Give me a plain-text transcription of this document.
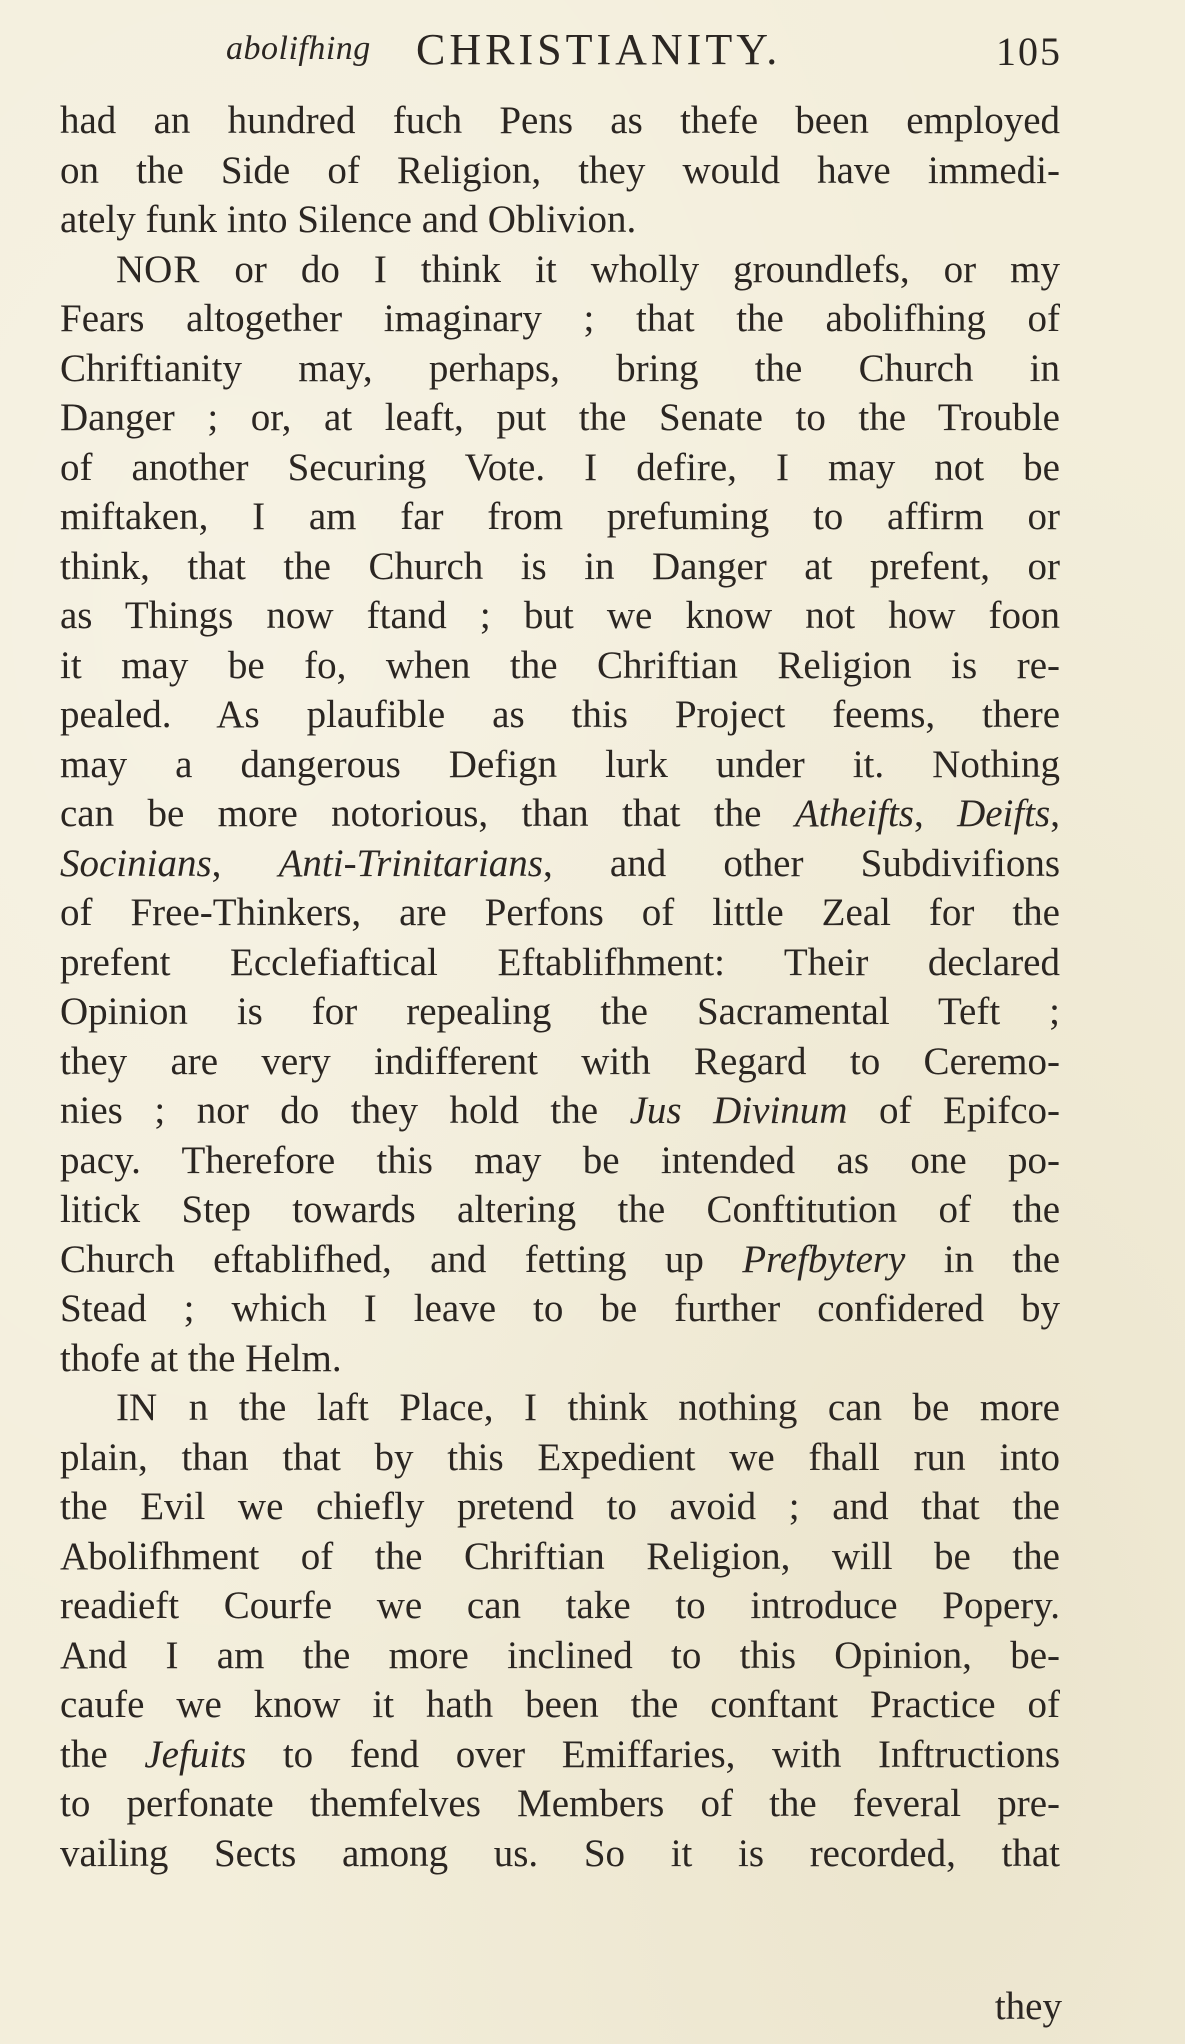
abolifhing CHRISTIANITY.	105
had an hundred fuch Pens as thefe been employed
on the Side of Religion, they would have immedi-
ately funk into Silence and Oblivion.
NOR or do I think it wholly groundlefs, or my
Fears altogether imaginary ; that the abolifhing of
Chriftianity may, perhaps, bring the Church in
Danger ; or, at leaft, put the Senate to the Trouble
of another Securing Vote. I defire, I may not be
miftaken, I am far from prefuming to affirm or
think, that the Church is in Danger at prefent, or
as Things now ftand ; but we know not how foon
it may be fo, when the Chriftian Religion is re-
pealed. As plaufible as this Project feems, there
may a dangerous Defign lurk under it. Nothing
can be more notorious, than that the Atheifts, Deifts,
Socinians, Anti-Trinitarians, and other Subdivifions
of Free-Thinkers, are Perfons of little Zeal for the
prefent Ecclefiaftical Eftablifhment: Their declared
Opinion is for repealing the Sacramental Teft ;
they are very indifferent with Regard to Ceremo-
nies ; nor do they hold the Jus Divinum of Epifco-
pacy. Therefore this may be intended as one po-
litick Step towards altering the Conftitution of the
Church eftablifhed, and fetting up Prefbytery in the
Stead ; which I leave to be further confidered by
thofe at the Helm.
IN n the laft Place, I think nothing can be more
plain, than that by this Expedient we fhall run into
the Evil we chiefly pretend to avoid ; and that the
Abolifhment of the Chriftian Religion, will be the
readieft Courfe we can take to introduce Popery.
And I am the more inclined to this Opinion, be-
caufe we know it hath been the conftant Practice of
the Jefuits to fend over Emiffaries, with Inftructions
to perfonate themfelves Members of the feveral pre-
vailing Sects among us. So it is recorded, that
they
